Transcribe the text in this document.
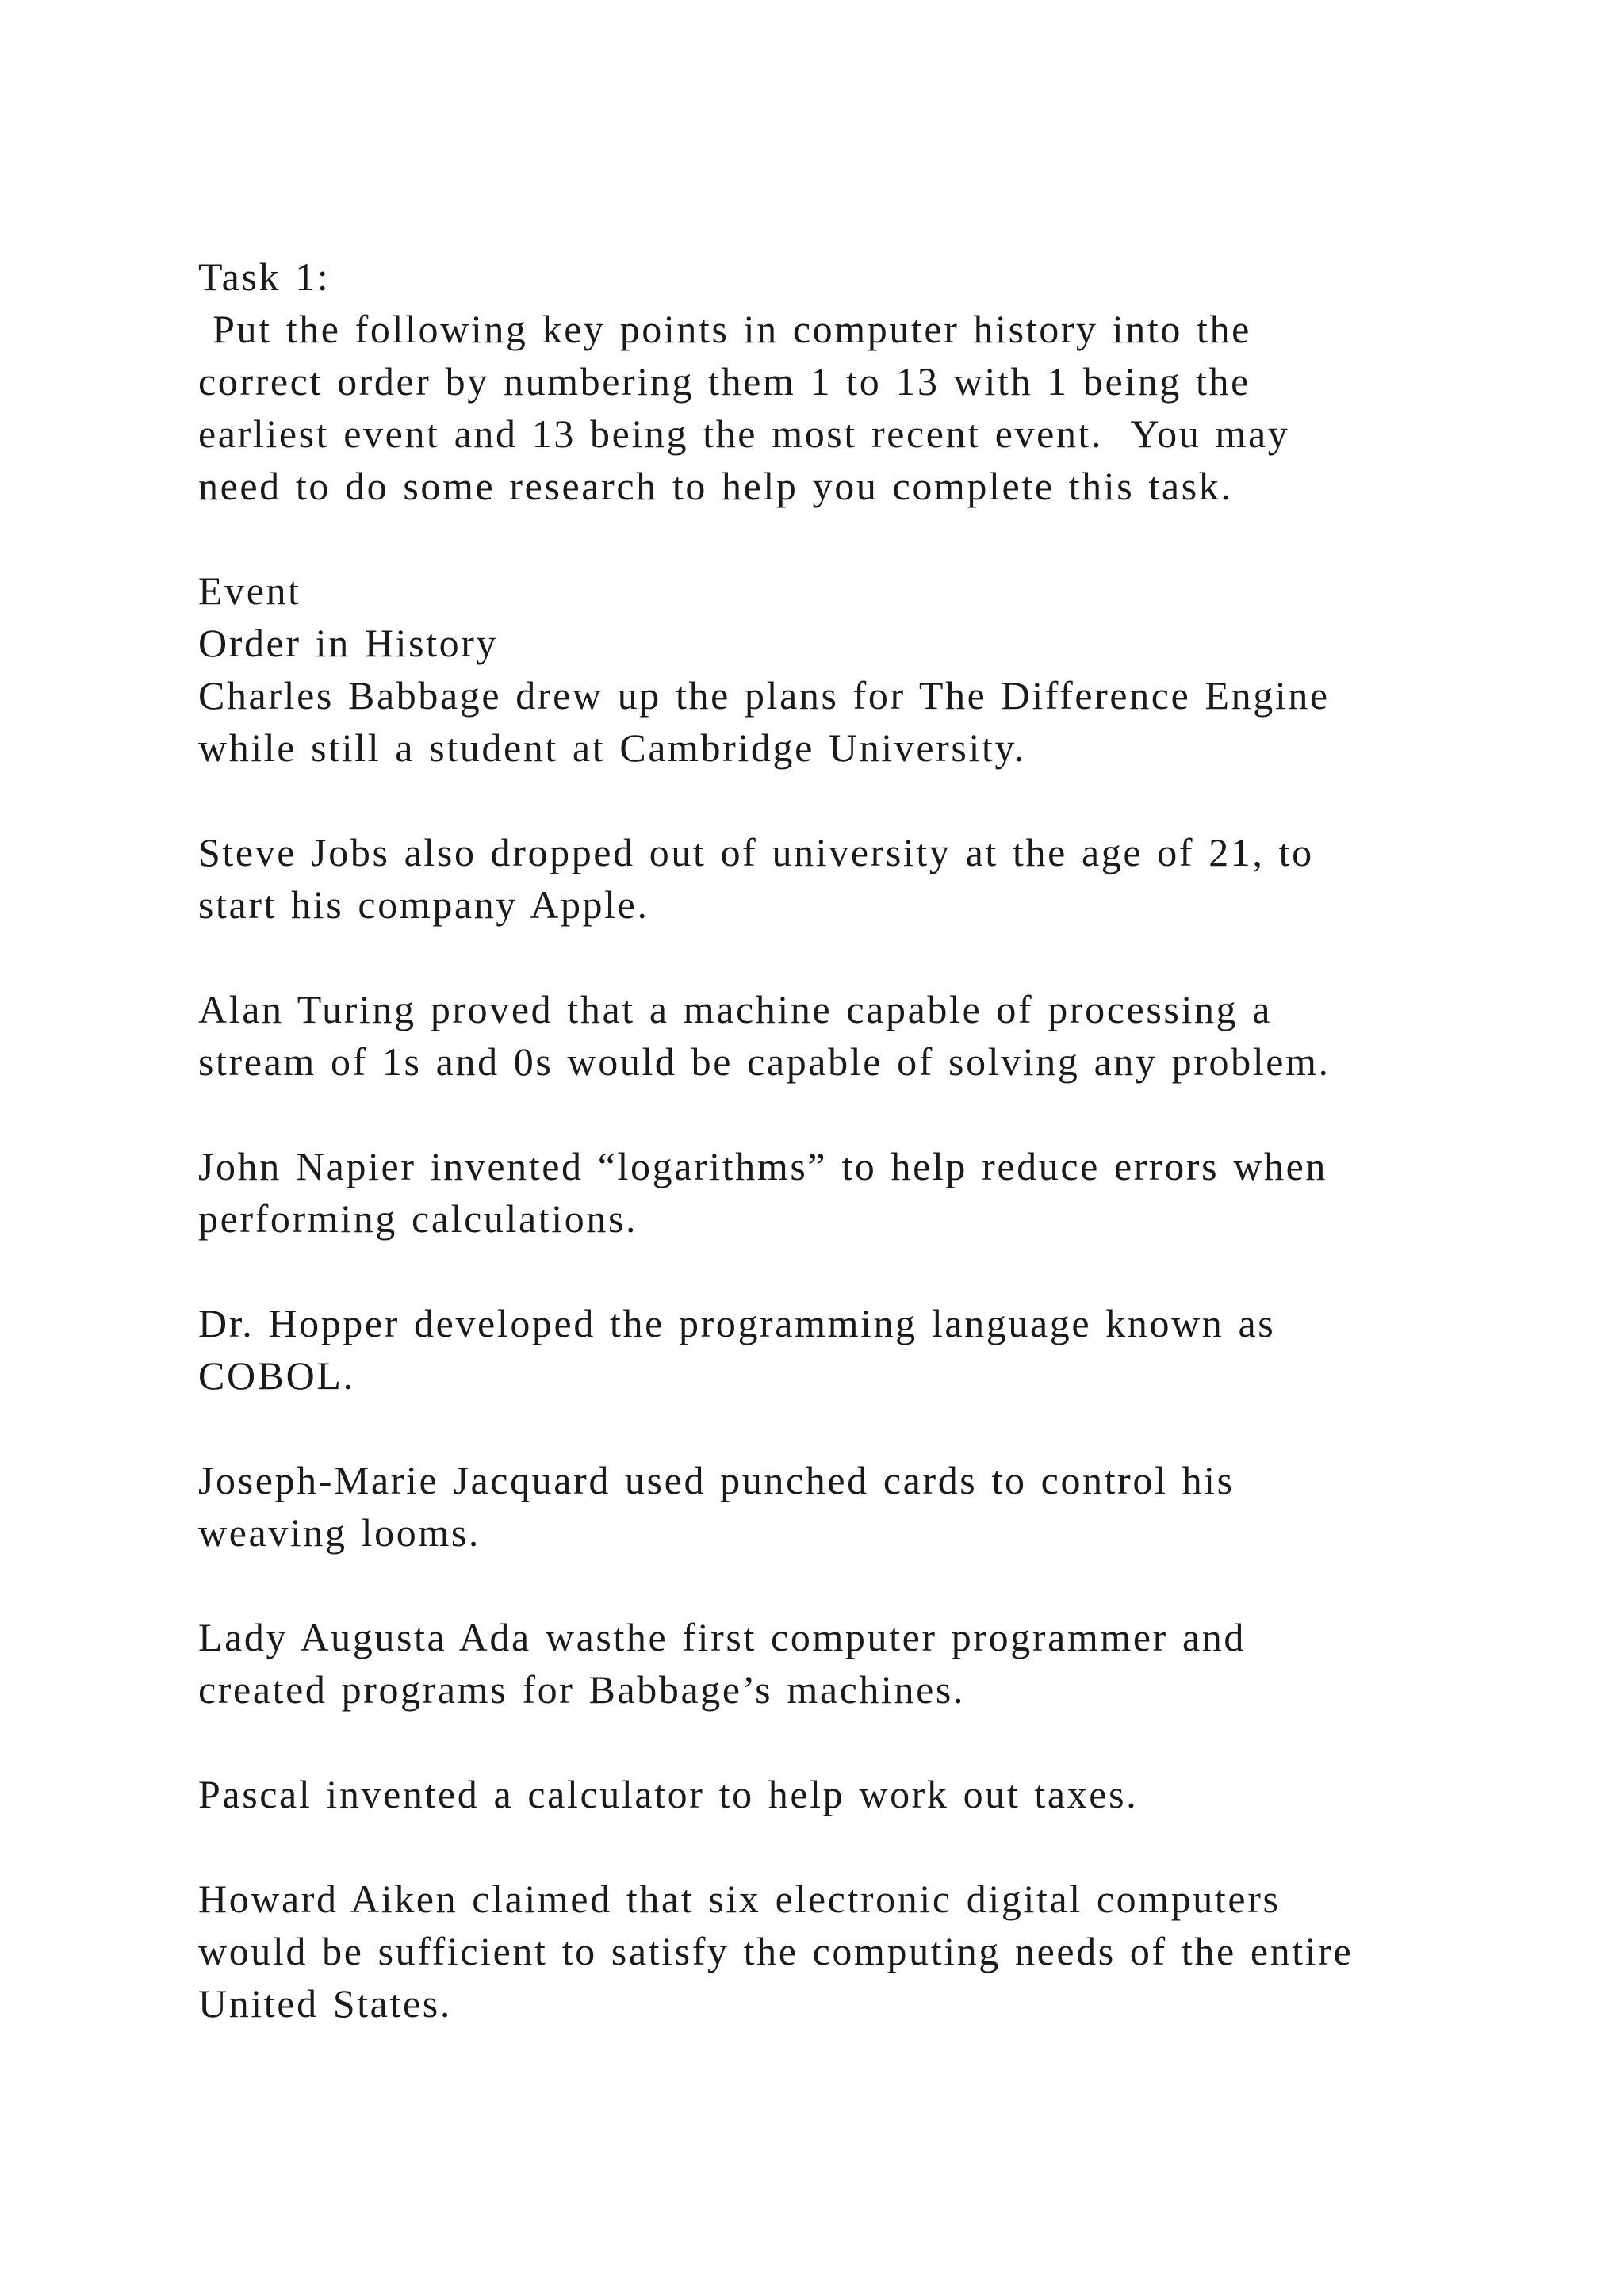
Task 1:
Put the following key points in computer history into the
correct order by numbering them 1 to 13 with 1 being the
earliest event and 13 being the most recent event.  You may
need to do some research to help you complete this task.
Event
Order in History
Charles Babbage drew up the plans for The Difference Engine
while still a student at Cambridge University.
Steve Jobs also dropped out of university at the age of 21, to
start his company Apple.
Alan Turing proved that a machine capable of processing a
stream of 1s and 0s would be capable of solving any problem.
John Napier invented “logarithms” to help reduce errors when
performing calculations.
Dr. Hopper developed the programming language known as
COBOL.
Joseph-Marie Jacquard used punched cards to control his
weaving looms.
Lady Augusta Ada wasthe first computer programmer and
created programs for Babbage’s machines.
Pascal invented a calculator to help work out taxes.
Howard Aiken claimed that six electronic digital computers
would be sufficient to satisfy the computing needs of the entire
United States.
